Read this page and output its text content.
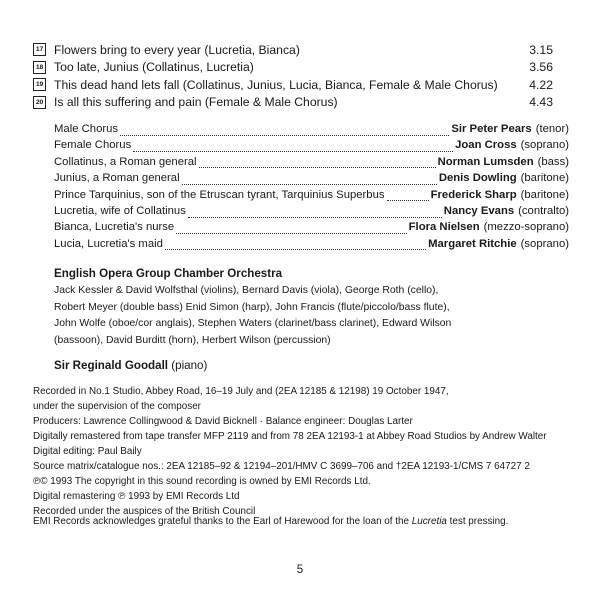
17 Flowers bring to every year (Lucretia, Bianca)	3.15
18 Too late, Junius (Collatinus, Lucretia)	3.56
19 This dead hand lets fall (Collatinus, Junius, Lucia, Bianca, Female & Male Chorus)	4.22
20 Is all this suffering and pain (Female & Male Chorus)	4.43
Male Chorus	Sir Peter Pears (tenor)
Female Chorus	Joan Cross (soprano)
Collatinus, a Roman general	Norman Lumsden (bass)
Junius, a Roman general	Denis Dowling (baritone)
Prince Tarquinius, son of the Etruscan tyrant, Tarquinius Superbus	Frederick Sharp (baritone)
Lucretia, wife of Collatinus	Nancy Evans (contralto)
Bianca, Lucretia's nurse	Flora Nielsen (mezzo-soprano)
Lucia, Lucretia's maid	Margaret Ritchie (soprano)
English Opera Group Chamber Orchestra
Jack Kessler & David Wolfsthal (violins), Bernard Davis (viola), George Roth (cello),
Robert Meyer (double bass) Enid Simon (harp), John Francis (flute/piccolo/bass flute),
John Wolfe (oboe/cor anglais), Stephen Waters (clarinet/bass clarinet), Edward Wilson
(bassoon), David Burditt (horn), Herbert Wilson (percussion)
Sir Reginald Goodall (piano)
Recorded in No.1 Studio, Abbey Road, 16–19 July and (2EA 12185 & 12198) 19 October 1947,
under the supervision of the composer
Producers: Lawrence Collingwood & David Bicknell · Balance engineer: Douglas Larter
Digitally remastered from tape transfer MFP 2119 and from 78 2EA 12193-1 at Abbey Road Studios by Andrew Walter
Digital editing: Paul Baily
Source matrix/catalogue nos.: 2EA 12185–92 & 12194–201/HMV C 3699–706 and †2EA 12193-1/CMS 7 64727 2
℗© 1993 The copyright in this sound recording is owned by EMI Records Ltd.
Digital remastering ℗ 1993 by EMI Records Ltd
Recorded under the auspices of the British Council
EMI Records acknowledges grateful thanks to the Earl of Harewood for the loan of the Lucretia test pressing.
5
